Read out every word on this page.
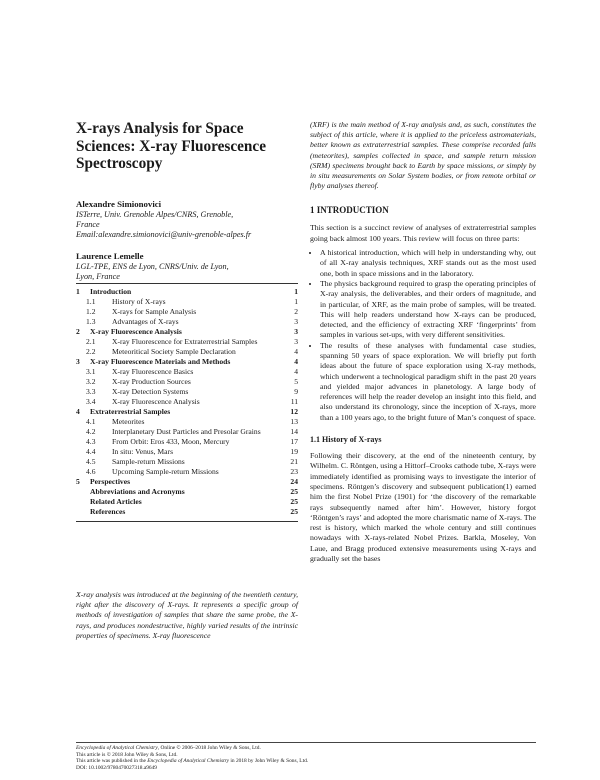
X-rays Analysis for Space Sciences: X-ray Fluorescence Spectroscopy
Alexandre Simionovici
ISTerre, Univ. Grenoble Alpes/CNRS, Grenoble,
France
Email:alexandre.simionovici@univ-grenoble-alpes.fr
Laurence Lemelle
LGL-TPE, ENS de Lyon, CNRS/Univ. de Lyon,
Lyon, France
1	Introduction	1
1.1	History of X-rays	1
1.2	X-rays for Sample Analysis	2
1.3	Advantages of X-rays	3
2	X-ray Fluorescence Analysis	3
2.1	X-ray Fluorescence for Extraterrestrial Samples	3
2.2	Meteoritical Society Sample Declaration	4
3	X-ray Fluorescence Materials and Methods	4
3.1	X-ray Fluorescence Basics	4
3.2	X-ray Production Sources	5
3.3	X-ray Detection Systems	9
3.4	X-ray Fluorescence Analysis	11
4	Extraterrestrial Samples	12
4.1	Meteorites	13
4.2	Interplanetary Dust Particles and Presolar Grains	14
4.3	From Orbit: Eros 433, Moon, Mercury	17
4.4	In situ: Venus, Mars	19
4.5	Sample-return Missions	21
4.6	Upcoming Sample-return Missions	23
5	Perspectives	24
Abbreviations and Acronyms	25
Related Articles	25
References	25
X-ray analysis was introduced at the beginning of the twentieth century, right after the discovery of X-rays. It represents a specific group of methods of investigation of samples that share the same probe, the X-rays, and produces nondestructive, highly varied results of the intrinsic properties of specimens. X-ray fluorescence

(XRF) is the main method of X-ray analysis and, as such, constitutes the subject of this article, where it is applied to the priceless astromaterials, better known as extraterrestrial samples. These comprise recorded falls (meteorites), samples collected in space, and sample return mission (SRM) specimens brought back to Earth by space missions, or simply by in situ measurements on Solar System bodies, or from remote orbital or flyby analyses thereof.

1 INTRODUCTION

This section is a succinct review of analyses of extraterrestrial samples going back almost 100 years. This review will focus on three parts:

• A historical introduction, which will help in understanding why, out of all X-ray analysis techniques, XRF stands out as the most used one, both in space missions and in the laboratory.
• The physics background required to grasp the operating principles of X-ray analysis, the deliverables, and their orders of magnitude, and in particular, of XRF, as the main probe of samples, will be treated. This will help readers understand how X-rays can be produced, detected, and the efficiency of extracting XRF ‘fingerprints’ from samples in various set-ups, with very different sensitivities.
• The results of these analyses with fundamental case studies, spanning 50 years of space exploration. We will briefly put forth ideas about the future of space exploration using X-ray methods, which underwent a technological paradigm shift in the past 20 years and yielded major advances in planetology. A large body of references will help the reader develop an insight into this field, and also understand its chronology, since the inception of X-rays, more than a 100 years ago, to the bright future of Man’s conquest of space.
1.1 History of X-rays

Following their discovery, at the end of the nineteenth century, by Wilhelm. C. Röntgen, using a Hittorf–Crooks cathode tube, X-rays were immediately identified as promising ways to investigate the interior of specimens. Röntgen’s discovery and subsequent publication(1) earned him the first Nobel Prize (1901) for ‘the discovery of the remarkable rays subsequently named after him’. However, history forgot ‘Röntgen’s rays’ and adopted the more charismatic name of X-rays. The rest is history, which marked the whole century and still continues nowadays with X-rays-related Nobel Prizes. Barkla, Moseley, Von Laue, and Bragg produced extensive measurements using X-rays and gradually set the bases

Encyclopedia of Analytical Chemistry, Online © 2006–2018 John Wiley & Sons, Ltd.
This article is © 2018 John Wiley & Sons, Ltd.
This article was published in the Encyclopedia of Analytical Chemistry in 2018 by John Wiley & Sons, Ltd.
DOI: 10.1002/9780470027318.a9649
